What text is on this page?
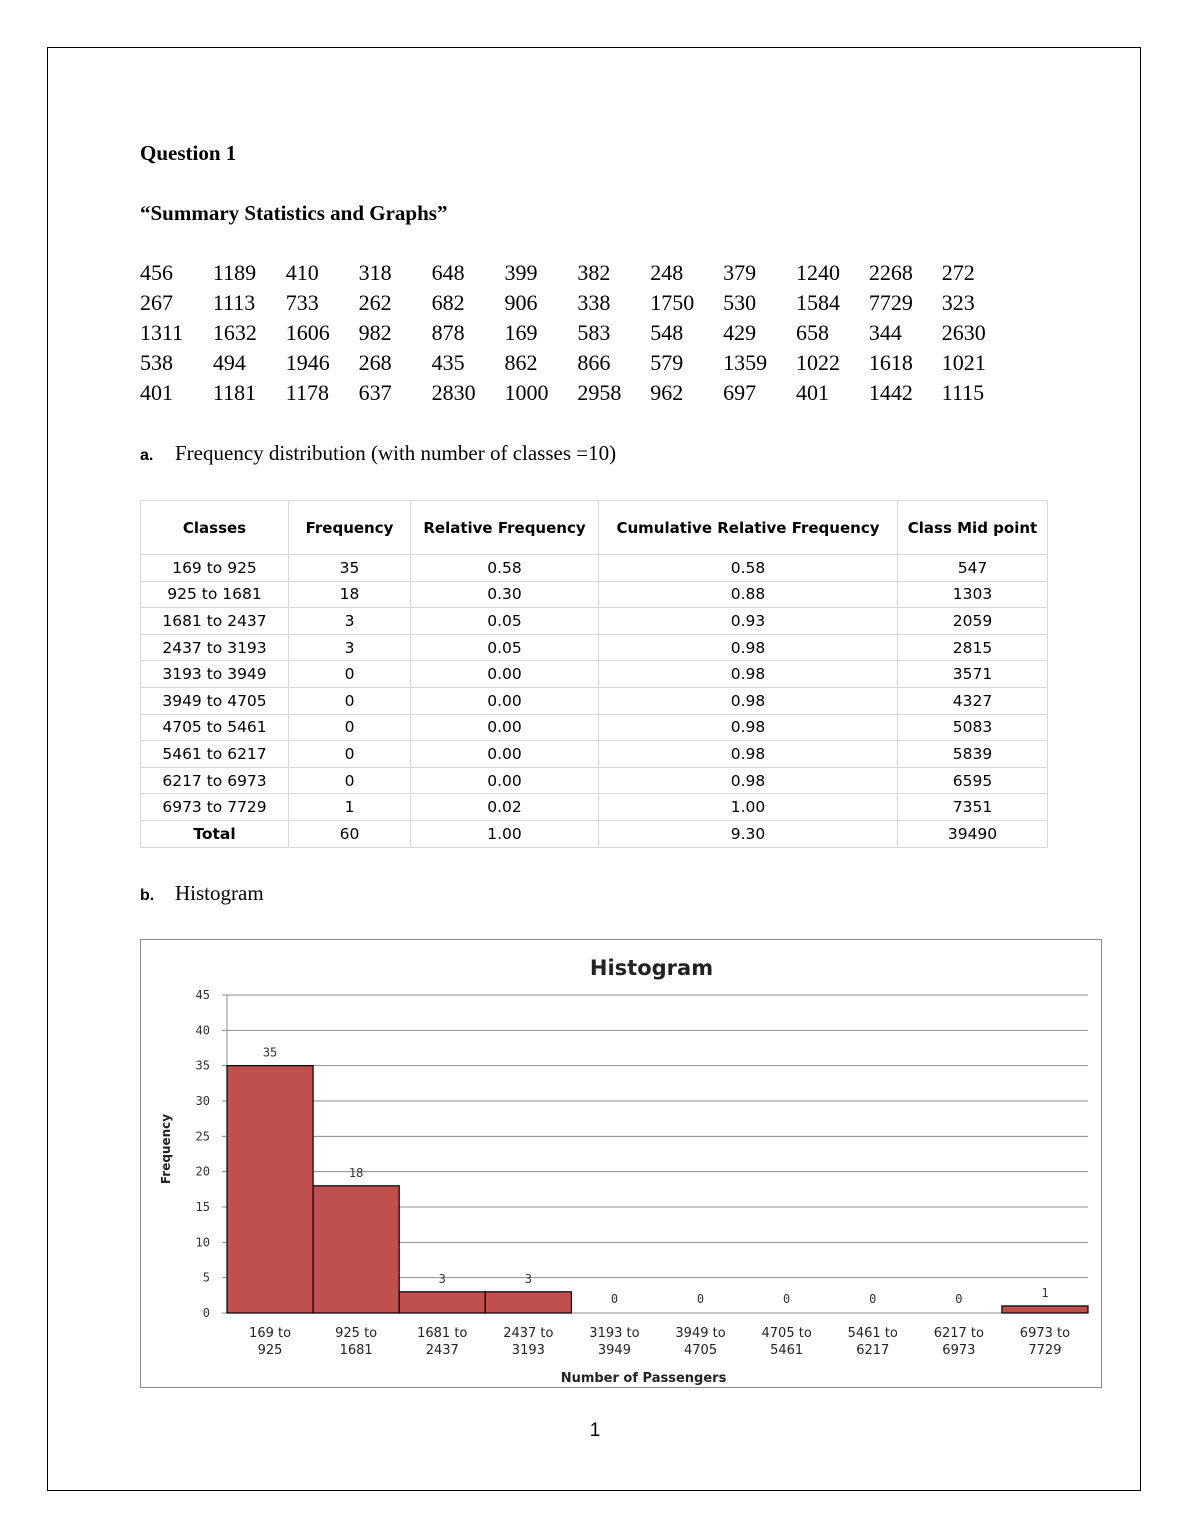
Question 1
“Summary Statistics and Graphs”
456	1189	410	318	648	399	382	248	379	1240	2268	272
267	1113	733	262	682	906	338	1750	530	1584	7729	323
1311	1632	1606	982	878	169	583	548	429	658	344	2630
538	494	1946	268	435	862	866	579	1359	1022	1618	1021
401	1181	1178	637	2830	1000	2958	962	697	401	1442	1115
a.	Frequency distribution (with number of classes =10)
Classes	Frequency	Relative Frequency	Cumulative Relative Frequency	Class Mid point
169 to 925	35	0.58	0.58	547
925 to 1681	18	0.30	0.88	1303
1681 to 2437	3	0.05	0.93	2059
2437 to 3193	3	0.05	0.98	2815
3193 to 3949	0	0.00	0.98	3571
3949 to 4705	0	0.00	0.98	4327
4705 to 5461	0	0.00	0.98	5083
5461 to 6217	0	0.00	0.98	5839
6217 to 6973	0	0.00	0.98	6595
6973 to 7729	1	0.02	1.00	7351
Total	60	1.00	9.30	39490
b. Histogram
Histogram
0
5
10
15
20
25
30
35
40
45
35
169 to
925
18
925 to
1681
3
1681 to
2437
3
2437 to
3193
0
3193 to
3949
0
3949 to
4705
0
4705 to
5461
0
5461 to
6217
0
6217 to
6973
1
6973 to
7729
Number of Passengers
Frequency
1
